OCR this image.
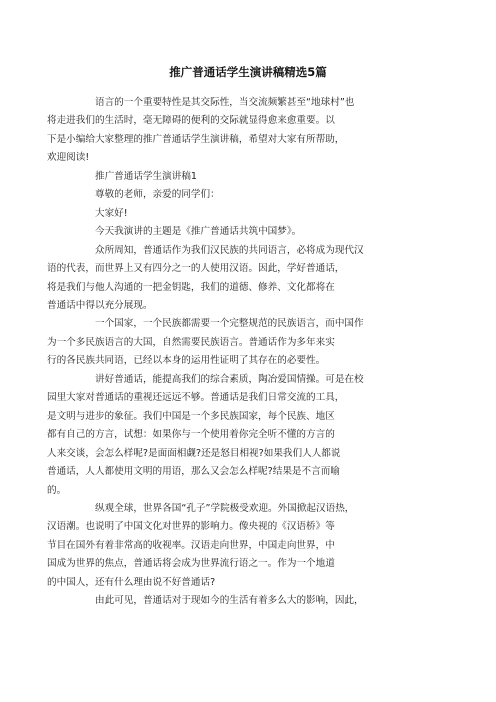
推广普通话学生演讲稿精选5篇
语言的一个重要特性是其交际性，当交流频繁甚至“地球村”也
将走进我们的生活时，毫无障碍的便利的交际就显得愈来愈重要。以
下是小编给大家整理的推广普通话学生演讲稿，希望对大家有所帮助，
欢迎阅读!
推广普通话学生演讲稿1
尊敬的老师，亲爱的同学们：
大家好!
今天我演讲的主题是《推广普通话共筑中国梦》。
众所周知，普通话作为我们汉民族的共同语言，必将成为现代汉
语的代表，而世界上又有四分之一的人使用汉语。因此，学好普通话，
将是我们与他人沟通的一把金钥匙，我们的道德、修养、文化都将在
普通话中得以充分展现。
一个国家，一个民族都需要一个完整规范的民族语言，而中国作
为一个多民族语言的大国，自然需要民族语言。普通话作为多年来实
行的各民族共同语，已经以本身的运用性证明了其存在的必要性。
讲好普通话，能提高我们的综合素质，陶冶爱国情操。可是在校
园里大家对普通话的重视还远远不够。普通话是我们日常交流的工具，
是文明与进步的象征。我们中国是一个多民族国家，每个民族、地区
都有自己的方言，试想：如果你与一个使用着你完全听不懂的方言的
人来交谈，会怎么样呢?是面面相觑?还是怒目相视?如果我们人人都说
普通话，人人都使用文明的用语，那么又会怎么样呢?结果是不言而喻
的。
纵观全球，世界各国“孔子”学院极受欢迎。外国掀起汉语热，
汉语潮。也说明了中国文化对世界的影响力。像央视的《汉语桥》等
节目在国外有着非常高的收视率。汉语走向世界，中国走向世界，中
国成为世界的焦点，普通话将会成为世界流行语之一。作为一个地道
的中国人，还有什么理由说不好普通话?
由此可见，普通话对于现如今的生活有着多么大的影响，因此，
